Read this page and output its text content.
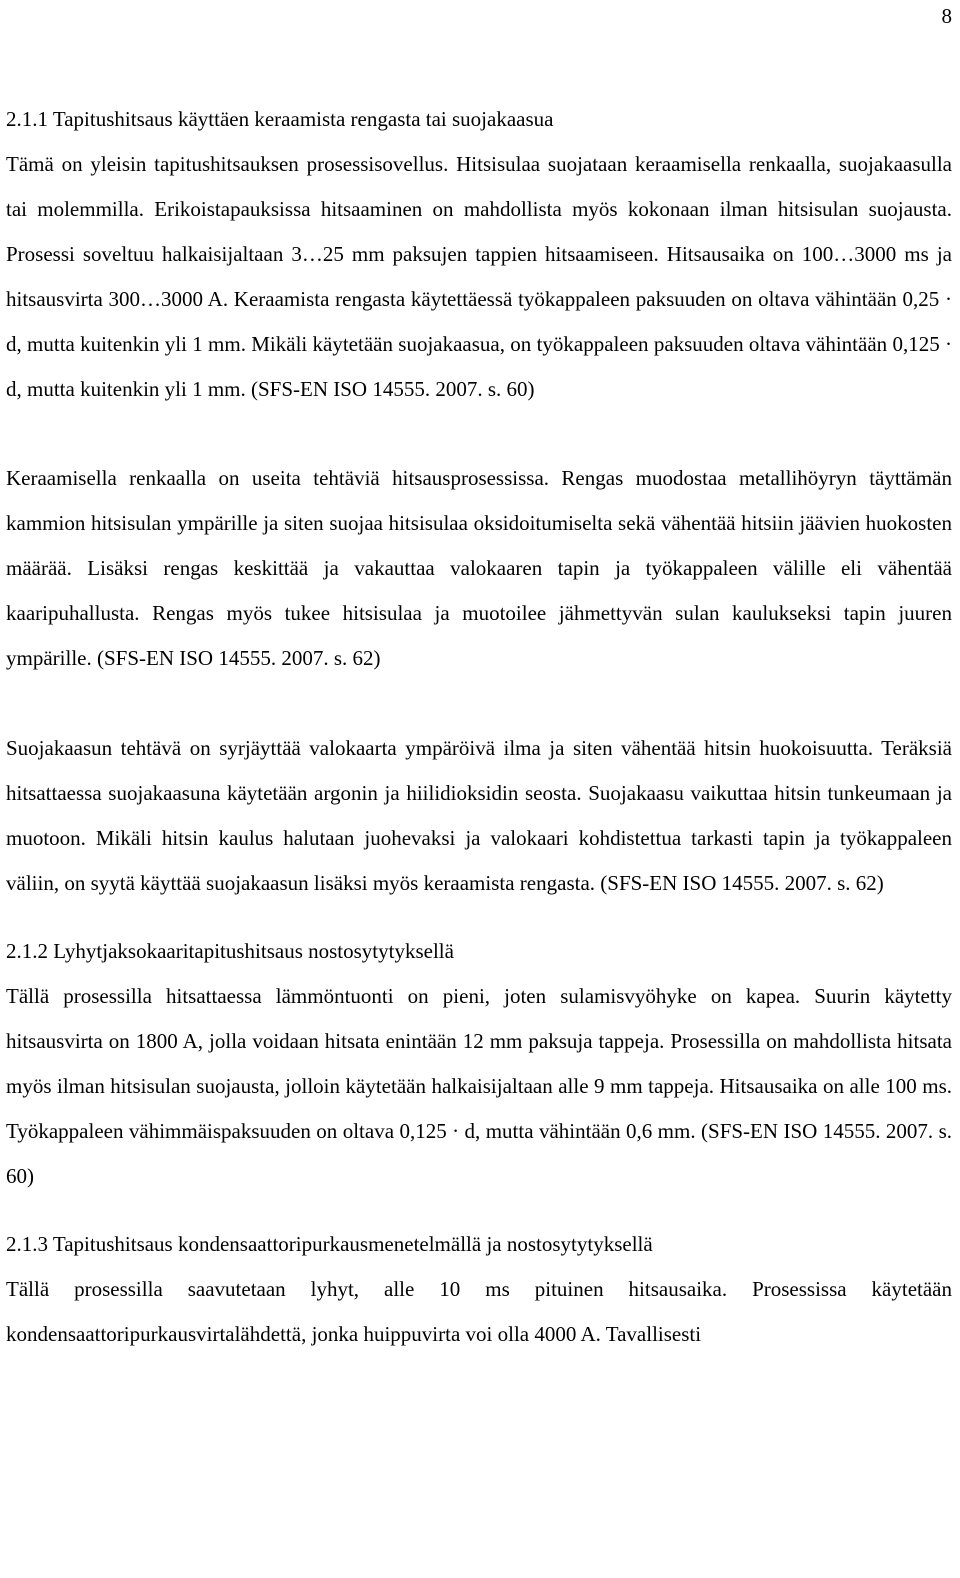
8
2.1.1 Tapitushitsaus käyttäen keraamista rengasta tai suojakaasua

Tämä on yleisin tapitushitsauksen prosessisovellus. Hitsisulaa suojataan keraamisella renkaalla, suojakaasulla tai molemmilla. Erikoistapauksissa hitsaaminen on mahdollista myös kokonaan ilman hitsisulan suojausta. Prosessi soveltuu halkaisijaltaan 3…25 mm paksujen tappien hitsaamiseen. Hitsausaika on 100…3000 ms ja hitsausvirta 300…3000 A. Keraamista rengasta käytettäessä työkappaleen paksuuden on oltava vähintään 0,25 · d, mutta kuitenkin yli 1 mm. Mikäli käytetään suojakaasua, on työkappaleen paksuuden oltava vähintään 0,125 · d, mutta kuitenkin yli 1 mm. (SFS-EN ISO 14555. 2007. s. 60)

Keraamisella renkaalla on useita tehtäviä hitsausprosessissa. Rengas muodostaa metallihöyryn täyttämän kammion hitsisulan ympärille ja siten suojaa hitsisulaa oksidoitumiselta sekä vähentää hitsiin jäävien huokosten määrää. Lisäksi rengas keskittää ja vakauttaa valokaaren tapin ja työkappaleen välille eli vähentää kaaripuhallusta. Rengas myös tukee hitsisulaa ja muotoilee jähmettyvän sulan kaulukseksi tapin juuren ympärille. (SFS-EN ISO 14555. 2007. s. 62)

Suojakaasun tehtävä on syrjäyttää valokaarta ympäröivä ilma ja siten vähentää hitsin huokoisuutta. Teräksiä hitsattaessa suojakaasuna käytetään argonin ja hiilidioksidin seosta. Suojakaasu vaikuttaa hitsin tunkeumaan ja muotoon. Mikäli hitsin kaulus halutaan juohevaksi ja valokaari kohdistettua tarkasti tapin ja työkappaleen väliin, on syytä käyttää suojakaasun lisäksi myös keraamista rengasta. (SFS-EN ISO 14555. 2007. s. 62)

2.1.2 Lyhytjaksokaaritapitushitsaus nostosytytyksellä

Tällä prosessilla hitsattaessa lämmöntuonti on pieni, joten sulamisvyöhyke on kapea. Suurin käytetty hitsausvirta on 1800 A, jolla voidaan hitsata enintään 12 mm paksuja tappeja. Prosessilla on mahdollista hitsata myös ilman hitsisulan suojausta, jolloin käytetään halkaisijaltaan alle 9 mm tappeja. Hitsausaika on alle 100 ms. Työkappaleen vähimmäispaksuuden on oltava 0,125 · d, mutta vähintään 0,6 mm. (SFS-EN ISO 14555. 2007. s. 60)

2.1.3 Tapitushitsaus kondensaattoripurkausmenetelmällä ja nostosytytyksellä

Tällä prosessilla saavutetaan lyhyt, alle 10 ms pituinen hitsausaika. Prosessissa käytetään kondensaattoripurkausvirtalähdettä, jonka huippuvirta voi olla 4000 A. Tavallisesti
